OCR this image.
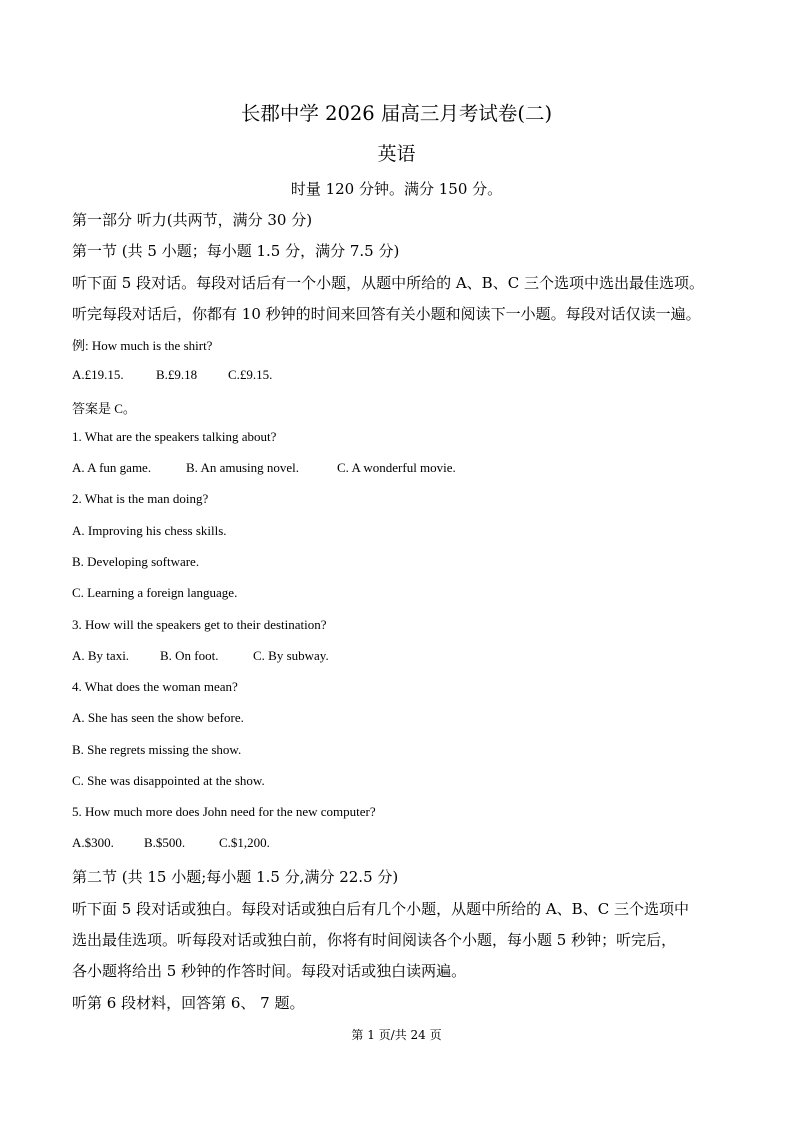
长郡中学 2026 届高三月考试卷(二)
英语
时量 120 分钟。满分 150 分。
第一部分 听力(共两节，满分 30 分)
第一节 (共 5 小题；每小题 1.5 分，满分 7.5 分)
听下面 5 段对话。每段对话后有一个小题，从题中所给的 A、B、C 三个选项中选出最佳选项。
听完每段对话后，你都有 10 秒钟的时间来回答有关小题和阅读下一小题。每段对话仅读一遍。
例: How much is the shirt?
A.£19.15. B.£9.18 C.£9.15.
答案是 C。
1. What are the speakers talking about?
A. A fun game.	B. An amusing novel.	C. A wonderful movie.
2. What is the man doing?
A. Improving his chess skills.
B. Developing software.
C. Learning a foreign language.
3. How will the speakers get to their destination?
A. By taxi. B. On foot.	C. By subway.
4. What does the woman mean?
A. She has seen the show before.
B. She regrets missing the show.
C. She was disappointed at the show.
5. How much more does John need for the new computer?
A.$300. B.$500.	C.$1,200.
第二节 (共 15 小题;每小题 1.5 分,满分 22.5 分)
听下面 5 段对话或独白。每段对话或独白后有几个小题，从题中所给的 A、B、C 三个选项中
选出最佳选项。听每段对话或独白前，你将有时间阅读各个小题，每小题 5 秒钟；听完后，
各小题将给出 5 秒钟的作答时间。每段对话或独白读两遍。
听第 6 段材料，回答第 6、 7 题。
第 1 页/共 24 页
